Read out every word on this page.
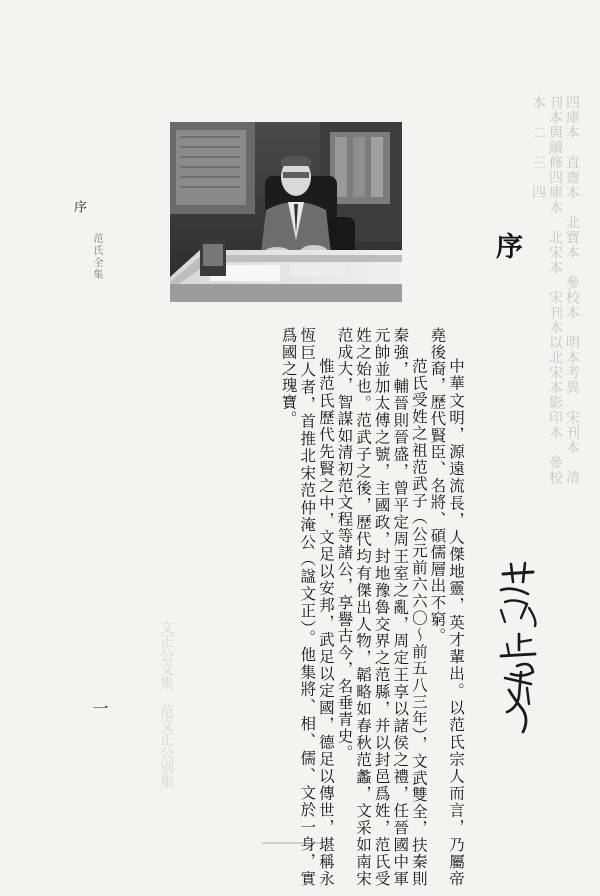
四庫本　直齋本　北寶本　參校本　明本考異　宋刊本　清刊本與續修四庫本　北宋本　宋刊本以北宋本影印本　參校本　二　三　四
文正公文集　范文正公別集
序

中華文明，源遠流長，人傑地靈，英才輩出。以范氏宗人而言，乃屬帝堯後裔，歷代賢臣、名將、碩儒層出不窮。

范氏受姓之祖范武子（公元前六六〇～前五八三年），文武雙全，扶秦則秦強，輔晉則晉盛，曾平定周王室之亂，周定王享以諸侯之禮，任晉國中軍元帥並加太傅之號，主國政，封地豫魯交界之范縣，并以封邑爲姓，范氏受姓之始也。范武子之後，歷代均有傑出人物，韜略如春秋范蠡，文采如南宋范成大，智謀如清初范文程等諸公，享譽古今，名垂青史。

惟范氏歷代先賢之中，文足以安邦，武足以定國，德足以傳世，堪稱永恆巨人者，首推北宋范仲淹公（諡文正）。他集將、相、儒、文於一身，實爲國之瑰寶。

序
范氏全集
一
